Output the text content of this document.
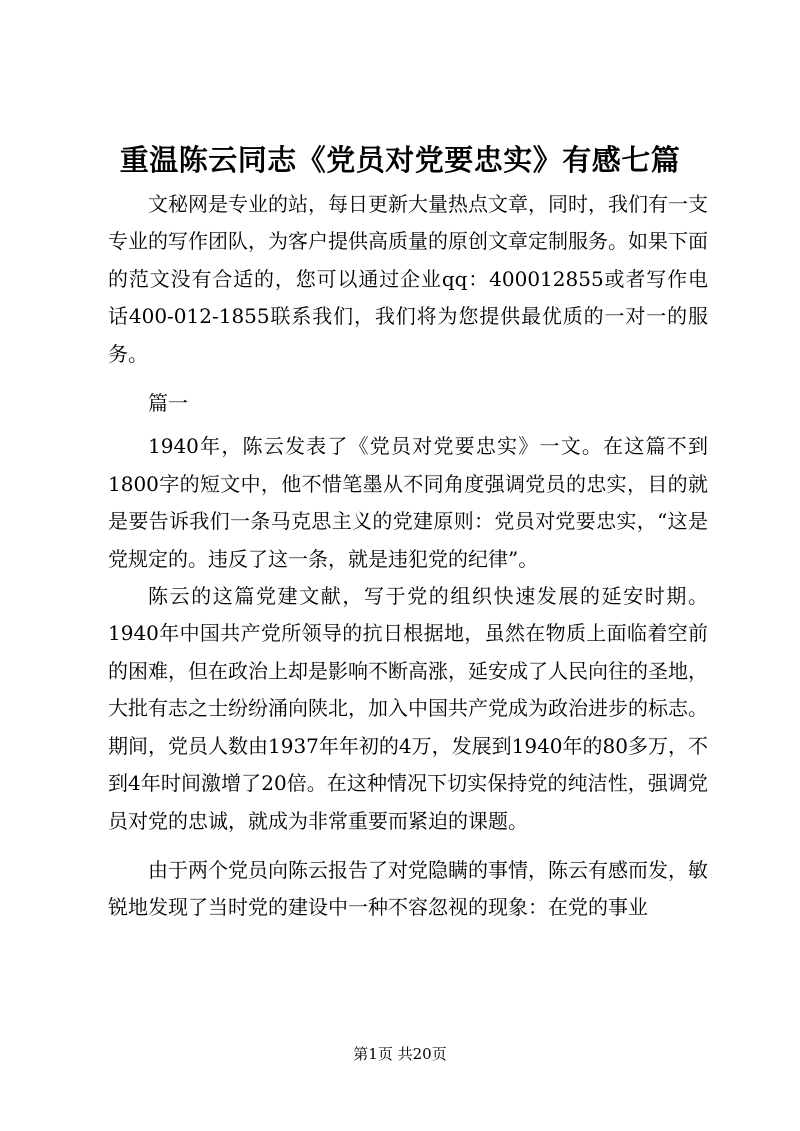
重温陈云同志《党员对党要忠实》有感七篇

文秘网是专业的站，每日更新大量热点文章，同时，我们有一支专业的写作团队，为客户提供高质量的原创文章定制服务。如果下面的范文没有合适的，您可以通过企业qq：400012855或者写作电话400-012-1855联系我们，我们将为您提供最优质的一对一的服务。

篇一

1940年，陈云发表了《党员对党要忠实》一文。在这篇不到1800字的短文中，他不惜笔墨从不同角度强调党员的忠实，目的就是要告诉我们一条马克思主义的党建原则：党员对党要忠实，“这是党规定的。违反了这一条，就是违犯党的纪律”。

陈云的这篇党建文献，写于党的组织快速发展的延安时期。1940年中国共产党所领导的抗日根据地，虽然在物质上面临着空前的困难，但在政治上却是影响不断高涨，延安成了人民向往的圣地，大批有志之士纷纷涌向陕北，加入中国共产党成为政治进步的标志。期间，党员人数由1937年年初的4万，发展到1940年的80多万，不到4年时间激增了20倍。在这种情况下切实保持党的纯洁性，强调党员对党的忠诚，就成为非常重要而紧迫的课题。

由于两个党员向陈云报告了对党隐瞒的事情，陈云有感而发，敏锐地发现了当时党的建设中一种不容忽视的现象：在党的事业

第1页 共20页
